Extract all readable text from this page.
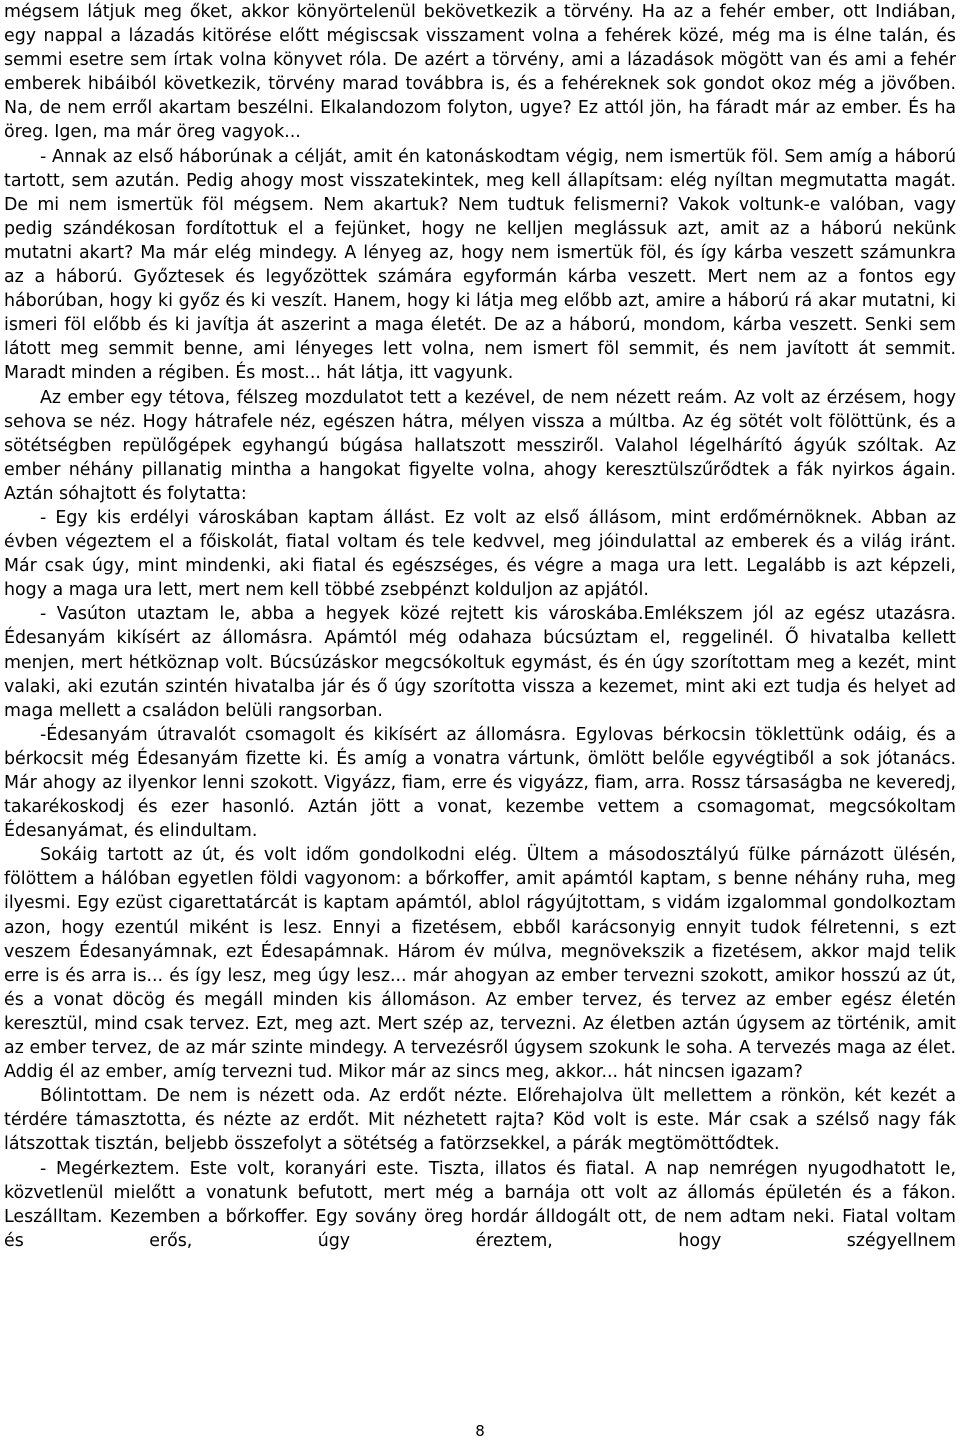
mégsem látjuk meg őket, akkor könyörtelenül bekövetkezik a törvény. Ha az a fehér ember, ott Indiában, egy nappal a lázadás kitörése előtt mégiscsak visszament volna a fehérek közé, még ma is élne talán, és semmi esetre sem írtak volna könyvet róla. De azért a törvény, ami a lázadások mögött van és ami a fehér emberek hibáiból következik, törvény marad továbbra is, és a fehéreknek sok gondot okoz még a jövőben. Na, de nem erről akartam beszélni. Elkalandozom folyton, ugye? Ez attól jön, ha fáradt már az ember. És ha öreg. Igen, ma már öreg vagyok...

- Annak az első háborúnak a célját, amit én katonáskodtam végig, nem ismertük föl. Sem amíg a háború tartott, sem azután. Pedig ahogy most visszatekintek, meg kell állapítsam: elég nyíltan megmutatta magát. De mi nem ismertük föl mégsem. Nem akartuk? Nem tudtuk felismerni? Vakok voltunk-e valóban, vagy pedig szándékosan fordítottuk el a fejünket, hogy ne kelljen meglássuk azt, amit az a háború nekünk mutatni akart? Ma már elég mindegy. A lényeg az, hogy nem ismertük föl, és így kárba veszett számunkra az a háború. Győztesek és legyőzöttek számára egyformán kárba veszett. Mert nem az a fontos egy háborúban, hogy ki győz és ki veszít. Hanem, hogy ki látja meg előbb azt, amire a háború rá akar mutatni, ki ismeri föl előbb és ki javítja át aszerint a maga életét. De az a háború, mondom, kárba veszett. Senki sem látott meg semmit benne, ami lényeges lett volna, nem ismert föl semmit, és nem javított át semmit. Maradt minden a régiben. És most... hát látja, itt vagyunk.

Az ember egy tétova, félszeg mozdulatot tett a kezével, de nem nézett reám. Az volt az érzésem, hogy sehova se néz. Hogy hátrafele néz, egészen hátra, mélyen vissza a múltba. Az ég sötét volt fölöttünk, és a sötétségben repülőgépek egyhangú búgása hallatszott messziről. Valahol légelhárító ágyúk szóltak. Az ember néhány pillanatig mintha a hangokat figyelte volna, ahogy keresztülszűrődtek a fák nyirkos ágain. Aztán sóhajtott és folytatta:

- Egy kis erdélyi városkában kaptam állást. Ez volt az első állásom, mint erdőmérnöknek. Abban az évben végeztem el a főiskolát, fiatal voltam és tele kedvvel, meg jóindulattal az emberek és a világ iránt. Már csak úgy, mint mindenki, aki fiatal és egészséges, és végre a maga ura lett. Legalább is azt képzeli, hogy a maga ura lett, mert nem kell többé zsebpénzt kolduljon az apjától.

- Vasúton utaztam le, abba a hegyek közé rejtett kis városkába.Emlékszem jól az egész utazásra. Édesanyám kikísért az állomásra. Apámtól még odahaza búcsúztam el, reggelinél. Ő hivatalba kellett menjen, mert hétköznap volt. Búcsúzáskor megcsókoltuk egymást, és én úgy szorítottam meg a kezét, mint valaki, aki ezután szintén hivatalba jár és ő úgy szorította vissza a kezemet, mint aki ezt tudja és helyet ad maga mellett a családon belüli rangsorban.

-Édesanyám útravalót csomagolt és kikísért az állomásra. Egylovas bérkocsin töklettünk odáig, és a bérkocsit még Édesanyám fizette ki. És amíg a vonatra vártunk, ömlött belőle egyvégtiből a sok jótanács. Már ahogy az ilyenkor lenni szokott. Vigyázz, fiam, erre és vigyázz, fiam, arra. Rossz társaságba ne keveredj, takarékoskodj és ezer hasonló. Aztán jött a vonat, kezembe vettem a csomagomat, megcsókoltam Édesanyámat, és elindultam.

Sokáig tartott az út, és volt időm gondolkodni elég. Ültem a másodosztályú fülke párnázott ülésén, fölöttem a hálóban egyetlen földi vagyonom: a bőrkoffer, amit apámtól kaptam, s benne néhány ruha, meg ilyesmi. Egy ezüst cigarettatárcát is kaptam apámtól, ablol rágyújtottam, s vidám izgalommal gondolkoztam azon, hogy ezentúl miként is lesz. Ennyi a fizetésem, ebből karácsonyig ennyit tudok félretenni, s ezt veszem Édesanyámnak, ezt Édesapámnak. Három év múlva, megnövekszik a fizetésem, akkor majd telik erre is és arra is... és így lesz, meg úgy lesz... már ahogyan az ember tervezni szokott, amikor hosszú az út, és a vonat döcög és megáll minden kis állomáson. Az ember tervez, és tervez az ember egész életén keresztül, mind csak tervez. Ezt, meg azt. Mert szép az, tervezni. Az életben aztán úgysem az történik, amit az ember tervez, de az már szinte mindegy. A tervezésről úgysem szokunk le soha. A tervezés maga az élet. Addig él az ember, amíg tervezni tud. Mikor már az sincs meg, akkor... hát nincsen igazam?

Bólintottam. De nem is nézett oda. Az erdőt nézte. Előrehajolva ült mellettem a rönkön, két kezét a térdére támasztotta, és nézte az erdőt. Mit nézhetett rajta? Köd volt is este. Már csak a szélső nagy fák látszottak tisztán, beljebb összefolyt a sötétség a fatörzsekkel, a párák megtömöttődtek.

- Megérkeztem. Este volt, koranyári este. Tiszta, illatos és fiatal. A nap nemrégen nyugodhatott le, közvetlenül mielőtt a vonatunk befutott, mert még a barnája ott volt az állomás épületén és a fákon. Leszálltam. Kezemben a bőrkoffer. Egy sovány öreg hordár álldogált ott, de nem adtam neki. Fiatal voltam és erős, úgy éreztem, hogy szégyellnem

8
